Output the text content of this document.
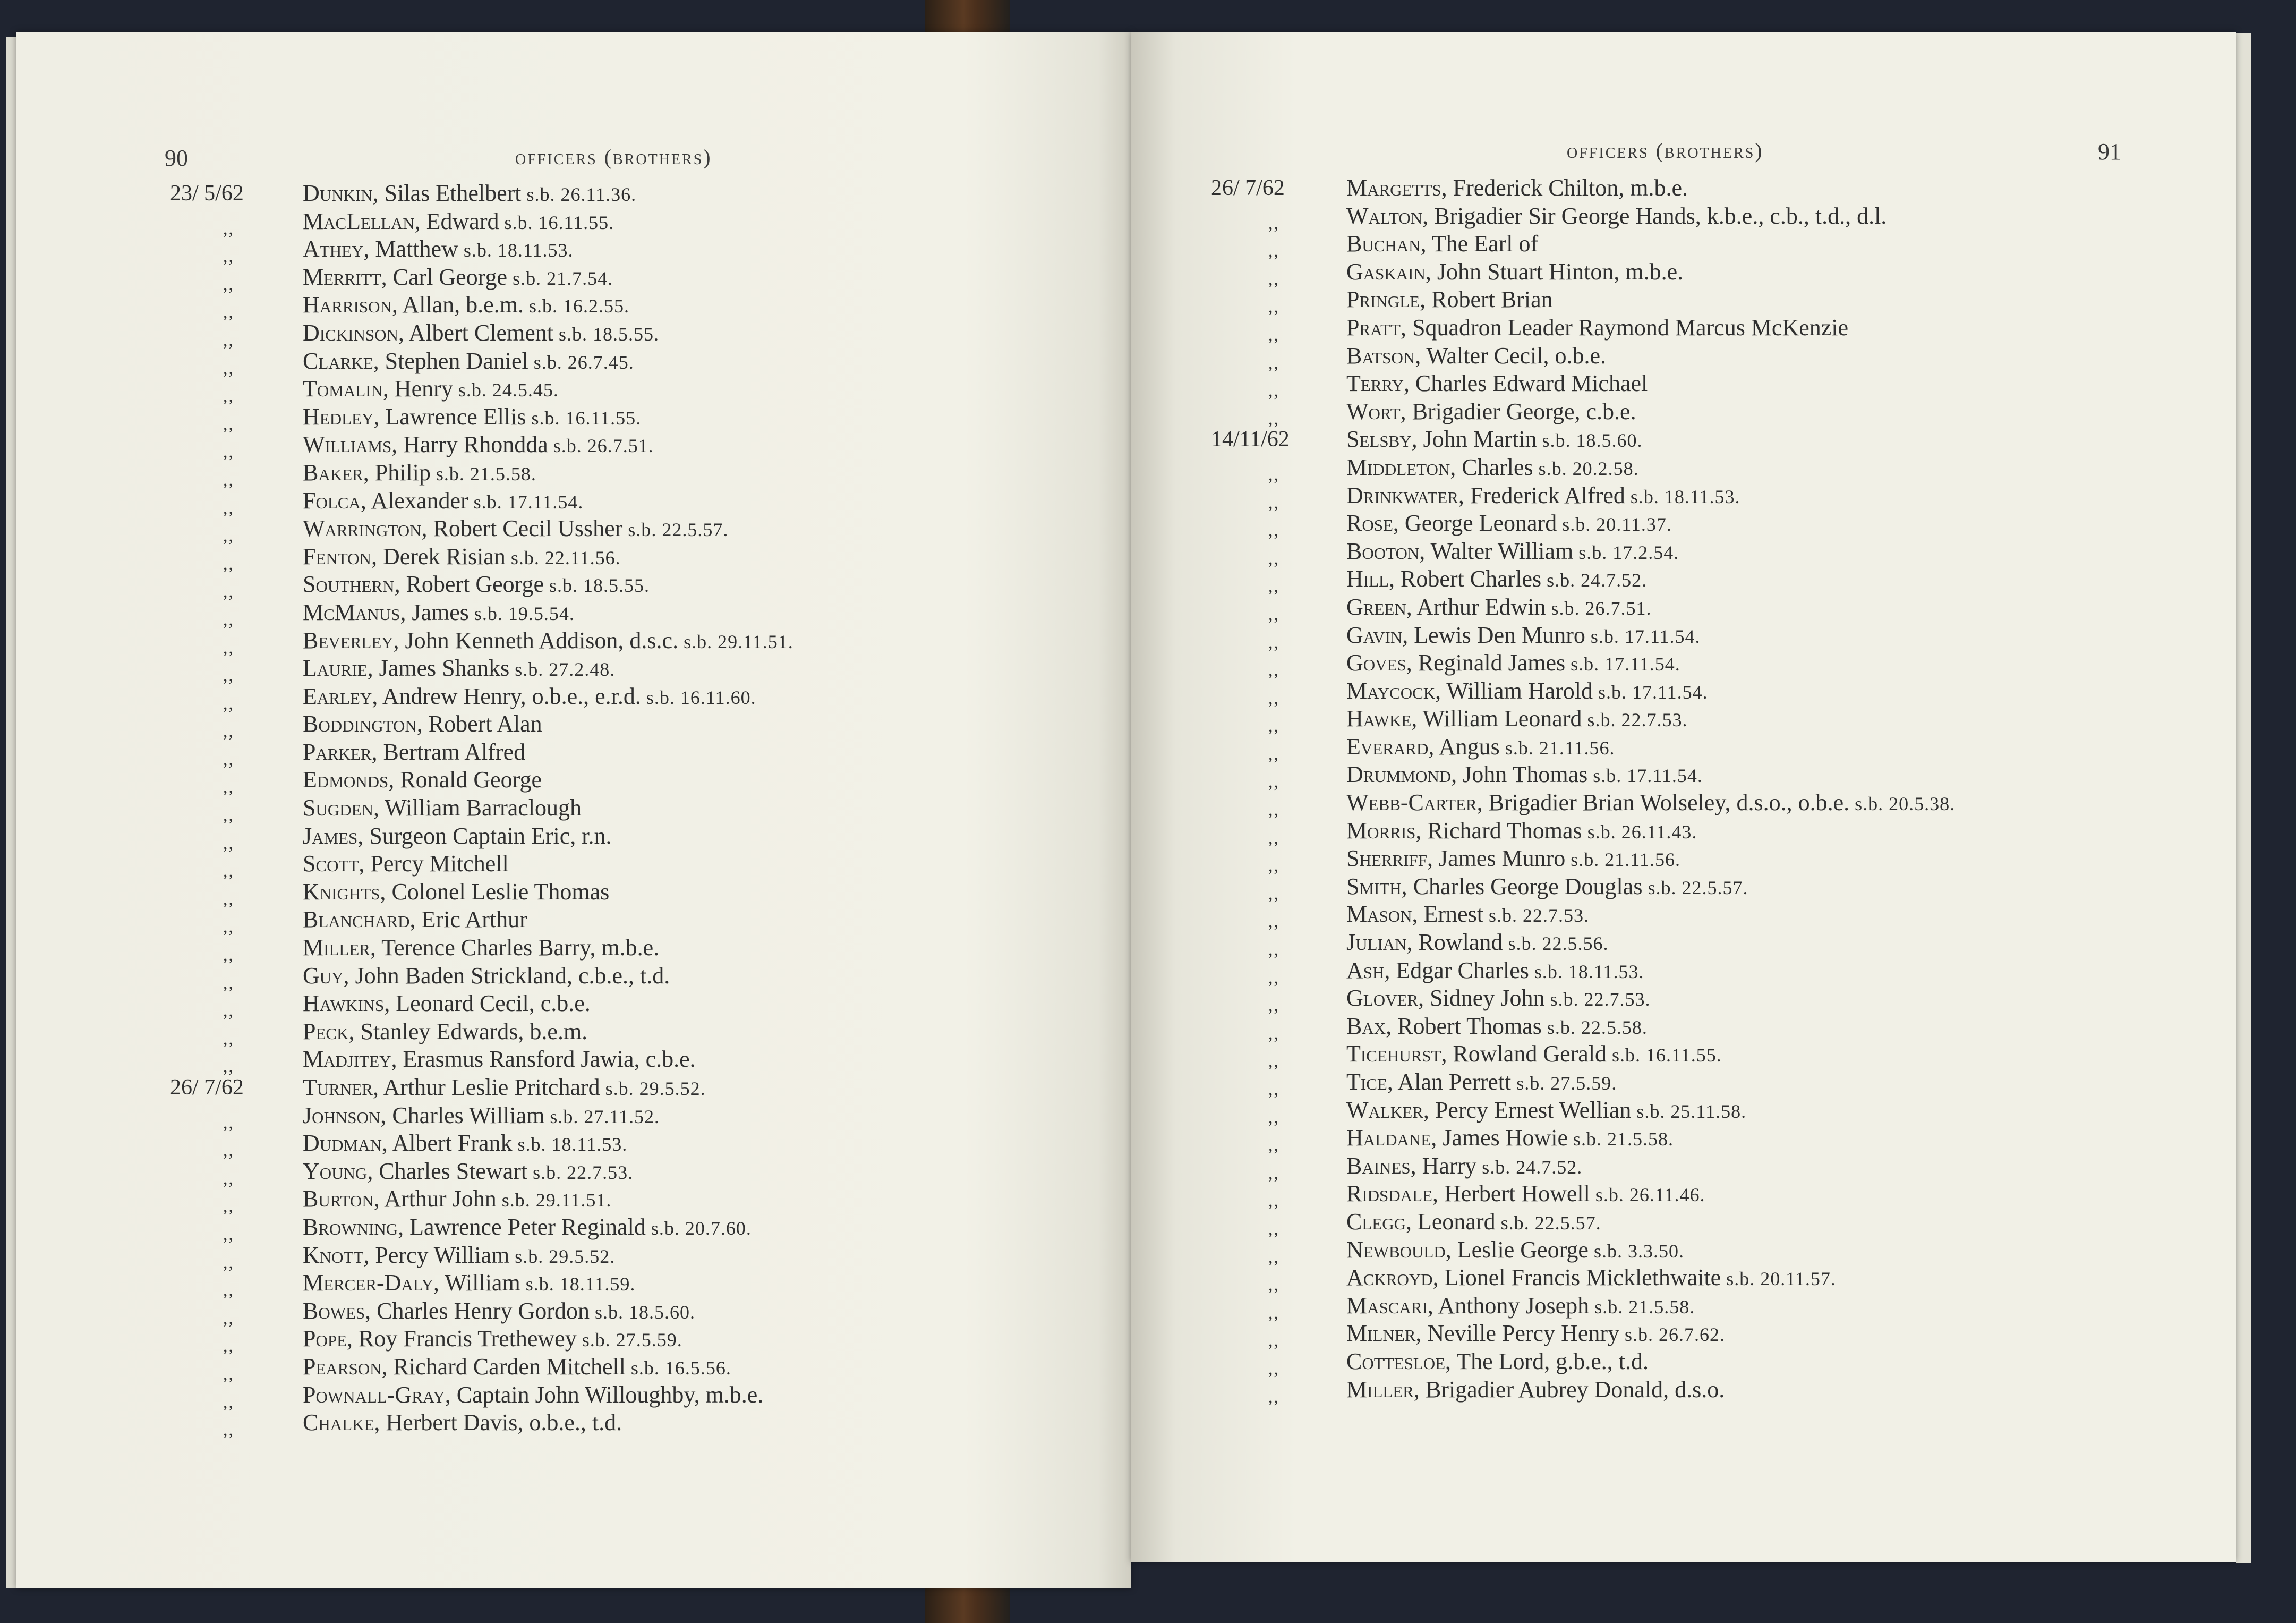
90	officers (brothers)
23/ 5/62	Dunkin, Silas Ethelbert s.b. 26.11.36.
,,	MacLellan, Edward s.b. 16.11.55.
,,	Athey, Matthew s.b. 18.11.53.
,,	Merritt, Carl George s.b. 21.7.54.
,,	Harrison, Allan, b.e.m. s.b. 16.2.55.
,,	Dickinson, Albert Clement s.b. 18.5.55.
,,	Clarke, Stephen Daniel s.b. 26.7.45.
,,	Tomalin, Henry s.b. 24.5.45.
,,	Hedley, Lawrence Ellis s.b. 16.11.55.
,,	Williams, Harry Rhondda s.b. 26.7.51.
,,	Baker, Philip s.b. 21.5.58.
,,	Folca, Alexander s.b. 17.11.54.
,,	Warrington, Robert Cecil Ussher s.b. 22.5.57.
,,	Fenton, Derek Risian s.b. 22.11.56.
,,	Southern, Robert George s.b. 18.5.55.
,,	McManus, James s.b. 19.5.54.
,,	Beverley, John Kenneth Addison, d.s.c. s.b. 29.11.51.
,,	Laurie, James Shanks s.b. 27.2.48.
,,	Earley, Andrew Henry, o.b.e., e.r.d. s.b. 16.11.60.
,,	Boddington, Robert Alan
,,	Parker, Bertram Alfred
,,	Edmonds, Ronald George
,,	Sugden, William Barraclough
,,	James, Surgeon Captain Eric, r.n.
,,	Scott, Percy Mitchell
,,	Knights, Colonel Leslie Thomas
,,	Blanchard, Eric Arthur
,,	Miller, Terence Charles Barry, m.b.e.
,,	Guy, John Baden Strickland, c.b.e., t.d.
,,	Hawkins, Leonard Cecil, c.b.e.
,,	Peck, Stanley Edwards, b.e.m.
,,	Madjitey, Erasmus Ransford Jawia, c.b.e.
26/ 7/62	Turner, Arthur Leslie Pritchard s.b. 29.5.52.
,,	Johnson, Charles William s.b. 27.11.52.
,,	Dudman, Albert Frank s.b. 18.11.53.
,,	Young, Charles Stewart s.b. 22.7.53.
,,	Burton, Arthur John s.b. 29.11.51.
,,	Browning, Lawrence Peter Reginald s.b. 20.7.60.
,,	Knott, Percy William s.b. 29.5.52.
,,	Mercer-Daly, William s.b. 18.11.59.
,,	Bowes, Charles Henry Gordon s.b. 18.5.60.
,,	Pope, Roy Francis Trethewey s.b. 27.5.59.
,,	Pearson, Richard Carden Mitchell s.b. 16.5.56.
,,	Pownall-Gray, Captain John Willoughby, m.b.e.
,,	Chalke, Herbert Davis, o.b.e., t.d.
officers (brothers)	91
26/ 7/62	Margetts, Frederick Chilton, m.b.e.
,,	Walton, Brigadier Sir George Hands, k.b.e., c.b., t.d., d.l.
,,	Buchan, The Earl of
,,	Gaskain, John Stuart Hinton, m.b.e.
,,	Pringle, Robert Brian
,,	Pratt, Squadron Leader Raymond Marcus McKenzie
,,	Batson, Walter Cecil, o.b.e.
,,	Terry, Charles Edward Michael
,,	Wort, Brigadier George, c.b.e.
14/11/62	Selsby, John Martin s.b. 18.5.60.
,,	Middleton, Charles s.b. 20.2.58.
,,	Drinkwater, Frederick Alfred s.b. 18.11.53.
,,	Rose, George Leonard s.b. 20.11.37.
,,	Booton, Walter William s.b. 17.2.54.
,,	Hill, Robert Charles s.b. 24.7.52.
,,	Green, Arthur Edwin s.b. 26.7.51.
,,	Gavin, Lewis Den Munro s.b. 17.11.54.
,,	Goves, Reginald James s.b. 17.11.54.
,,	Maycock, William Harold s.b. 17.11.54.
,,	Hawke, William Leonard s.b. 22.7.53.
,,	Everard, Angus s.b. 21.11.56.
,,	Drummond, John Thomas s.b. 17.11.54.
,,	Webb-Carter, Brigadier Brian Wolseley, d.s.o., o.b.e. s.b. 20.5.38.
,,	Morris, Richard Thomas s.b. 26.11.43.
,,	Sherriff, James Munro s.b. 21.11.56.
,,	Smith, Charles George Douglas s.b. 22.5.57.
,,	Mason, Ernest s.b. 22.7.53.
,,	Julian, Rowland s.b. 22.5.56.
,,	Ash, Edgar Charles s.b. 18.11.53.
,,	Glover, Sidney John s.b. 22.7.53.
,,	Bax, Robert Thomas s.b. 22.5.58.
,,	Ticehurst, Rowland Gerald s.b. 16.11.55.
,,	Tice, Alan Perrett s.b. 27.5.59.
,,	Walker, Percy Ernest Wellian s.b. 25.11.58.
,,	Haldane, James Howie s.b. 21.5.58.
,,	Baines, Harry s.b. 24.7.52.
,,	Ridsdale, Herbert Howell s.b. 26.11.46.
,,	Clegg, Leonard s.b. 22.5.57.
,,	Newbould, Leslie George s.b. 3.3.50.
,,	Ackroyd, Lionel Francis Micklethwaite s.b. 20.11.57.
,,	Mascari, Anthony Joseph s.b. 21.5.58.
,,	Milner, Neville Percy Henry s.b. 26.7.62.
,,	Cottesloe, The Lord, g.b.e., t.d.
,,	Miller, Brigadier Aubrey Donald, d.s.o.
